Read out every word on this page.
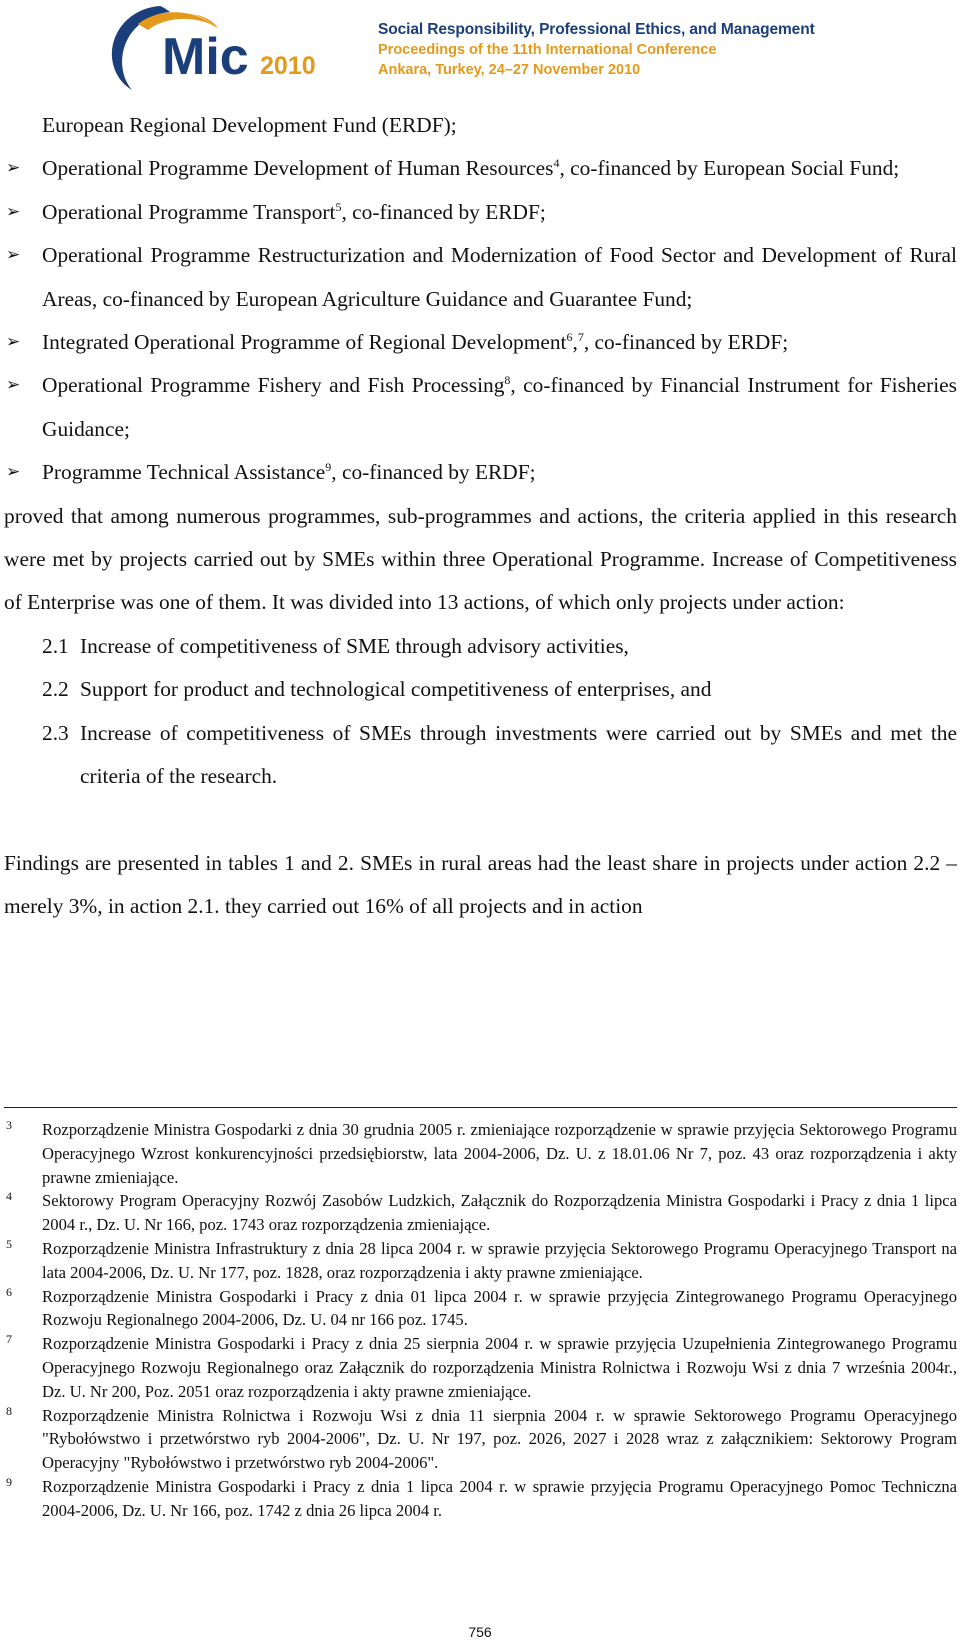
Mic 2010
Social Responsibility, Professional Ethics, and Management
Proceedings of the 11th International Conference
Ankara, Turkey, 24–27 November 2010

European Regional Development Fund (ERDF);

➢ Operational Programme Development of Human Resources$^4$, co-financed by European Social Fund;
➢ Operational Programme Transport$^5$, co-financed by ERDF;
➢ Operational Programme Restructurization and Modernization of Food Sector and Development of Rural Areas, co-financed by European Agriculture Guidance and Guarantee Fund;
➢ Integrated Operational Programme of Regional Development$^6$,$^7$, co-financed by ERDF;
➢ Operational Programme Fishery and Fish Processing$^8$, co-financed by Financial Instrument for Fisheries Guidance;
➢ Programme Technical Assistance$^9$, co-financed by ERDF;

proved that among numerous programmes, sub-programmes and actions, the criteria applied in this research were met by projects carried out by SMEs within three Operational Programme. Increase of Competitiveness of Enterprise was one of them. It was divided into 13 actions, of which only projects under action:

2.1 Increase of competitiveness of SME through advisory activities,
2.2 Support for product and technological competitiveness of enterprises, and
2.3 Increase of competitiveness of SMEs through investments were carried out by SMEs and met the criteria of the research.

Findings are presented in tables 1 and 2. SMEs in rural areas had the least share in projects under action 2.2 – merely 3%, in action 2.1. they carried out 16% of all projects and in action

3 Rozporządzenie Ministra Gospodarki z dnia 30 grudnia 2005 r. zmieniające rozporządzenie w sprawie przyjęcia Sektorowego Programu Operacyjnego Wzrost konkurencyjności przedsiębiorstw, lata 2004-2006, Dz. U. z 18.01.06 Nr 7, poz. 43 oraz rozporządzenia i akty prawne zmieniające.

4 Sektorowy Program Operacyjny Rozwój Zasobów Ludzkich, Załącznik do Rozporządzenia Ministra Gospodarki i Pracy z dnia 1 lipca 2004 r., Dz. U. Nr 166, poz. 1743 oraz rozporządzenia zmieniające.

5 Rozporządzenie Ministra Infrastruktury z dnia 28 lipca 2004 r. w sprawie przyjęcia Sektorowego Programu Operacyjnego Transport na lata 2004-2006, Dz. U. Nr 177, poz. 1828, oraz rozporządzenia i akty prawne zmieniające.

6 Rozporządzenie Ministra Gospodarki i Pracy z dnia 01 lipca 2004 r. w sprawie przyjęcia Zintegrowanego Programu Operacyjnego Rozwoju Regionalnego 2004-2006, Dz. U. 04 nr 166 poz. 1745.

7 Rozporządzenie Ministra Gospodarki i Pracy z dnia 25 sierpnia 2004 r. w sprawie przyjęcia Uzupełnienia Zintegrowanego Programu Operacyjnego Rozwoju Regionalnego oraz Załącznik do rozporządzenia Ministra Rolnictwa i Rozwoju Wsi z dnia 7 września 2004r., Dz. U. Nr 200, Poz. 2051 oraz rozporządzenia i akty prawne zmieniające.

8 Rozporządzenie Ministra Rolnictwa i Rozwoju Wsi z dnia 11 sierpnia 2004 r. w sprawie Sektorowego Programu Operacyjnego "Rybołówstwo i przetwórstwo ryb 2004-2006", Dz. U. Nr 197, poz. 2026, 2027 i 2028 wraz z załącznikiem: Sektorowy Program Operacyjny "Rybołówstwo i przetwórstwo ryb 2004-2006".

9 Rozporządzenie Ministra Gospodarki i Pracy z dnia 1 lipca 2004 r. w sprawie przyjęcia Programu Operacyjnego Pomoc Techniczna 2004-2006, Dz. U. Nr 166, poz. 1742 z dnia 26 lipca 2004 r.

756
